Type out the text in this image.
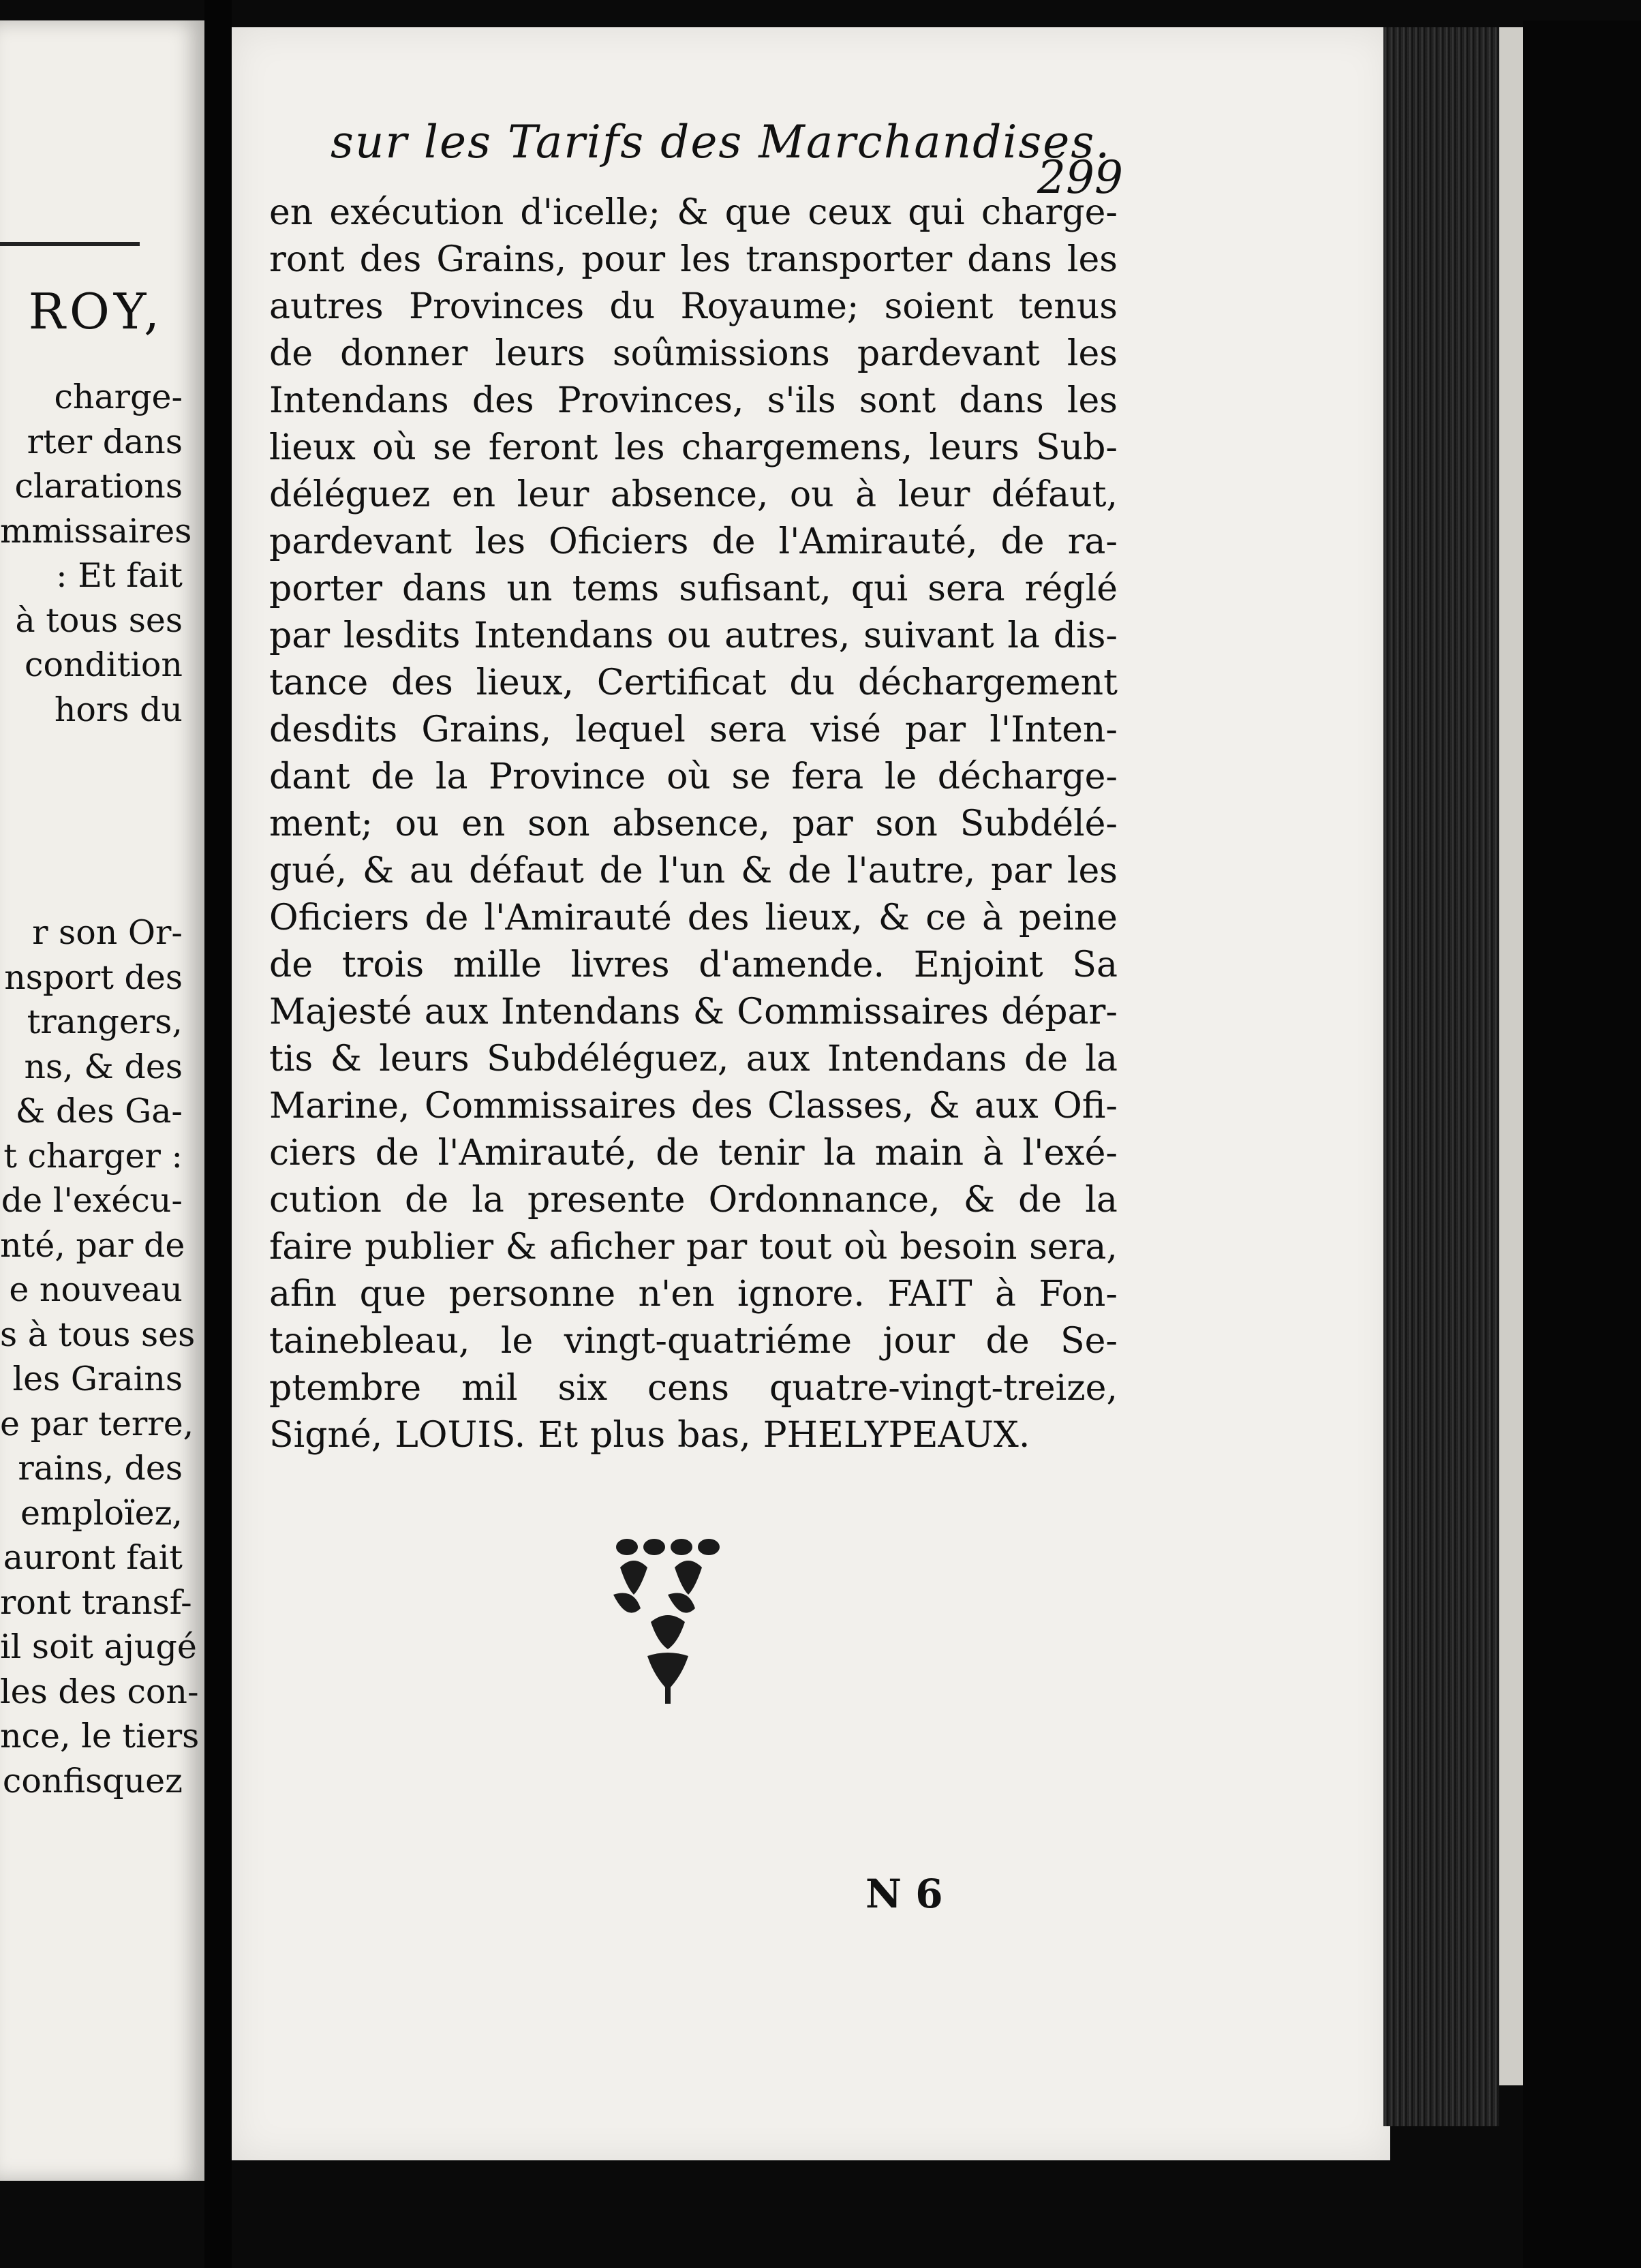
ROY,
charge-
rter dans
clarations
mmissaires
: Et fait
à tous ses
condition
hors du
r son Or-
nsport des
trangers,
ns, & des
& des Ga-
t charger :
de l'exécu-
nté, par de
e nouveau
s à tous ses
les Grains
e par terre,
rains, des
emploïez,
auront fait
ront transf-
il soit ajugé
les des con-
nce, le tiers
confisquez
sur les Tarifs des Marchandises.
299
en exécution d'icelle; & que ceux qui charge-
ront des Grains, pour les transporter dans les
autres Provinces du Royaume; soient tenus
de donner leurs soûmissions pardevant les
Intendans des Provinces, s'ils sont dans les
lieux où se feront les chargemens, leurs Sub-
déléguez en leur absence, ou à leur défaut,
pardevant les Oficiers de l'Amirauté, de ra-
porter dans un tems sufisant, qui sera réglé
par lesdits Intendans ou autres, suivant la dis-
tance des lieux, Certificat du déchargement
desdits Grains, lequel sera visé par l'Inten-
dant de la Province où se fera le décharge-
ment; ou en son absence, par son Subdélé-
gué, & au défaut de l'un & de l'autre, par les
Oficiers de l'Amirauté des lieux, & ce à peine
de trois mille livres d'amende. Enjoint Sa
Majesté aux Intendans & Commissaires dépar-
tis & leurs Subdéléguez, aux Intendans de la
Marine, Commissaires des Classes, & aux Ofi-
ciers de l'Amirauté, de tenir la main à l'exé-
cution de la presente Ordonnance, & de la
faire publier & aficher par tout où besoin sera,
afin que personne n'en ignore. FAIT à Fon-
tainebleau, le vingt-quatriéme jour de Se-
ptembre mil six cens quatre-vingt-treize,
Signé, LOUIS. Et plus bas, PHELYPEAUX.
N 6
